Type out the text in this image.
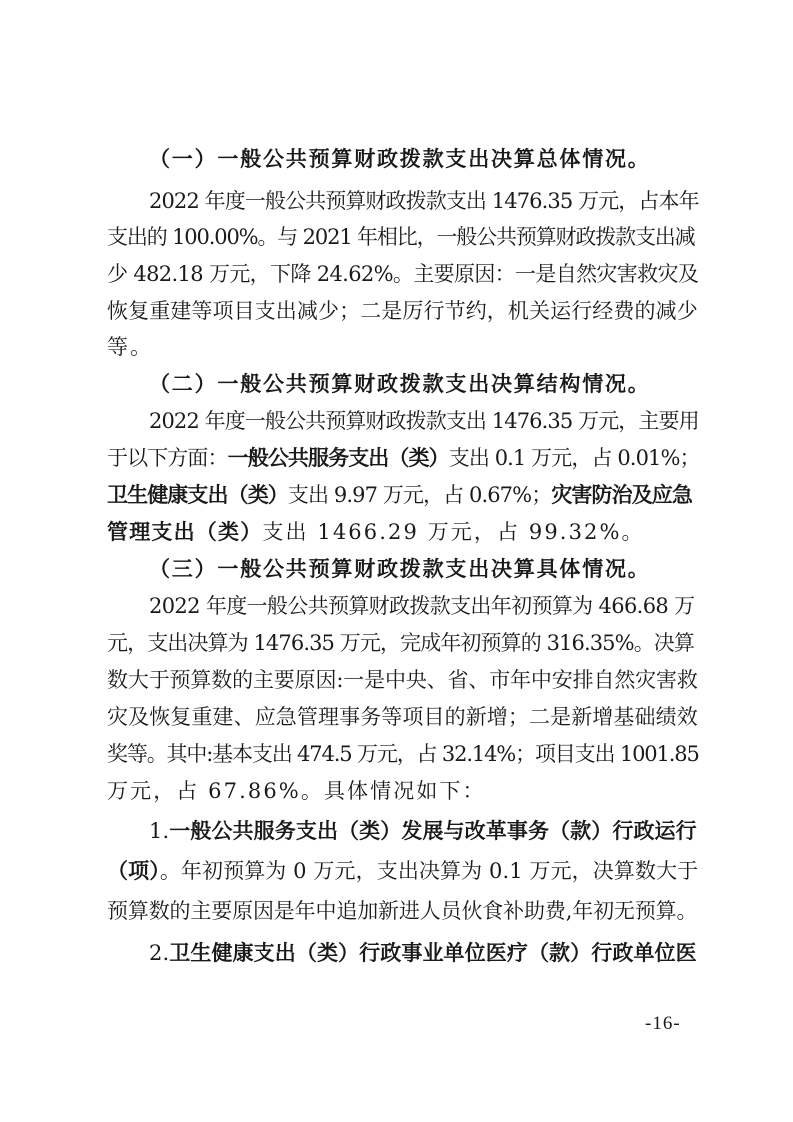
（一）一般公共预算财政拨款支出决算总体情况。
2022 年度一般公共预算财政拨款支出 1476.35 万元，占本年
支出的 100.00%。与 2021 年相比，一般公共预算财政拨款支出减
少 482.18 万元，下降 24.62%。主要原因：一是自然灾害救灾及
恢复重建等项目支出减少；二是厉行节约，机关运行经费的减少
等。
（二）一般公共预算财政拨款支出决算结构情况。
2022 年度一般公共预算财政拨款支出 1476.35 万元，主要用
于以下方面：一般公共服务支出（类）支出 0.1 万元，占 0.01%；
卫生健康支出（类）支出 9.97 万元，占 0.67%；灾害防治及应急
管理支出（类）支出 1466.29 万元，占 99.32%。
（三）一般公共预算财政拨款支出决算具体情况。
2022 年度一般公共预算财政拨款支出年初预算为 466.68 万
元，支出决算为 1476.35 万元，完成年初预算的 316.35%。决算
数大于预算数的主要原因:一是中央、省、市年中安排自然灾害救
灾及恢复重建、应急管理事务等项目的新增；二是新增基础绩效
奖等。其中:基本支出 474.5 万元，占 32.14%；项目支出 1001.85
万元，占 67.86%。具体情况如下：
1.一般公共服务支出（类）发展与改革事务（款）行政运行
（项）。年初预算为 0 万元，支出决算为 0.1 万元，决算数大于
预算数的主要原因是年中追加新进人员伙食补助费,年初无预算。
2.卫生健康支出（类）行政事业单位医疗（款）行政单位医
-16-
